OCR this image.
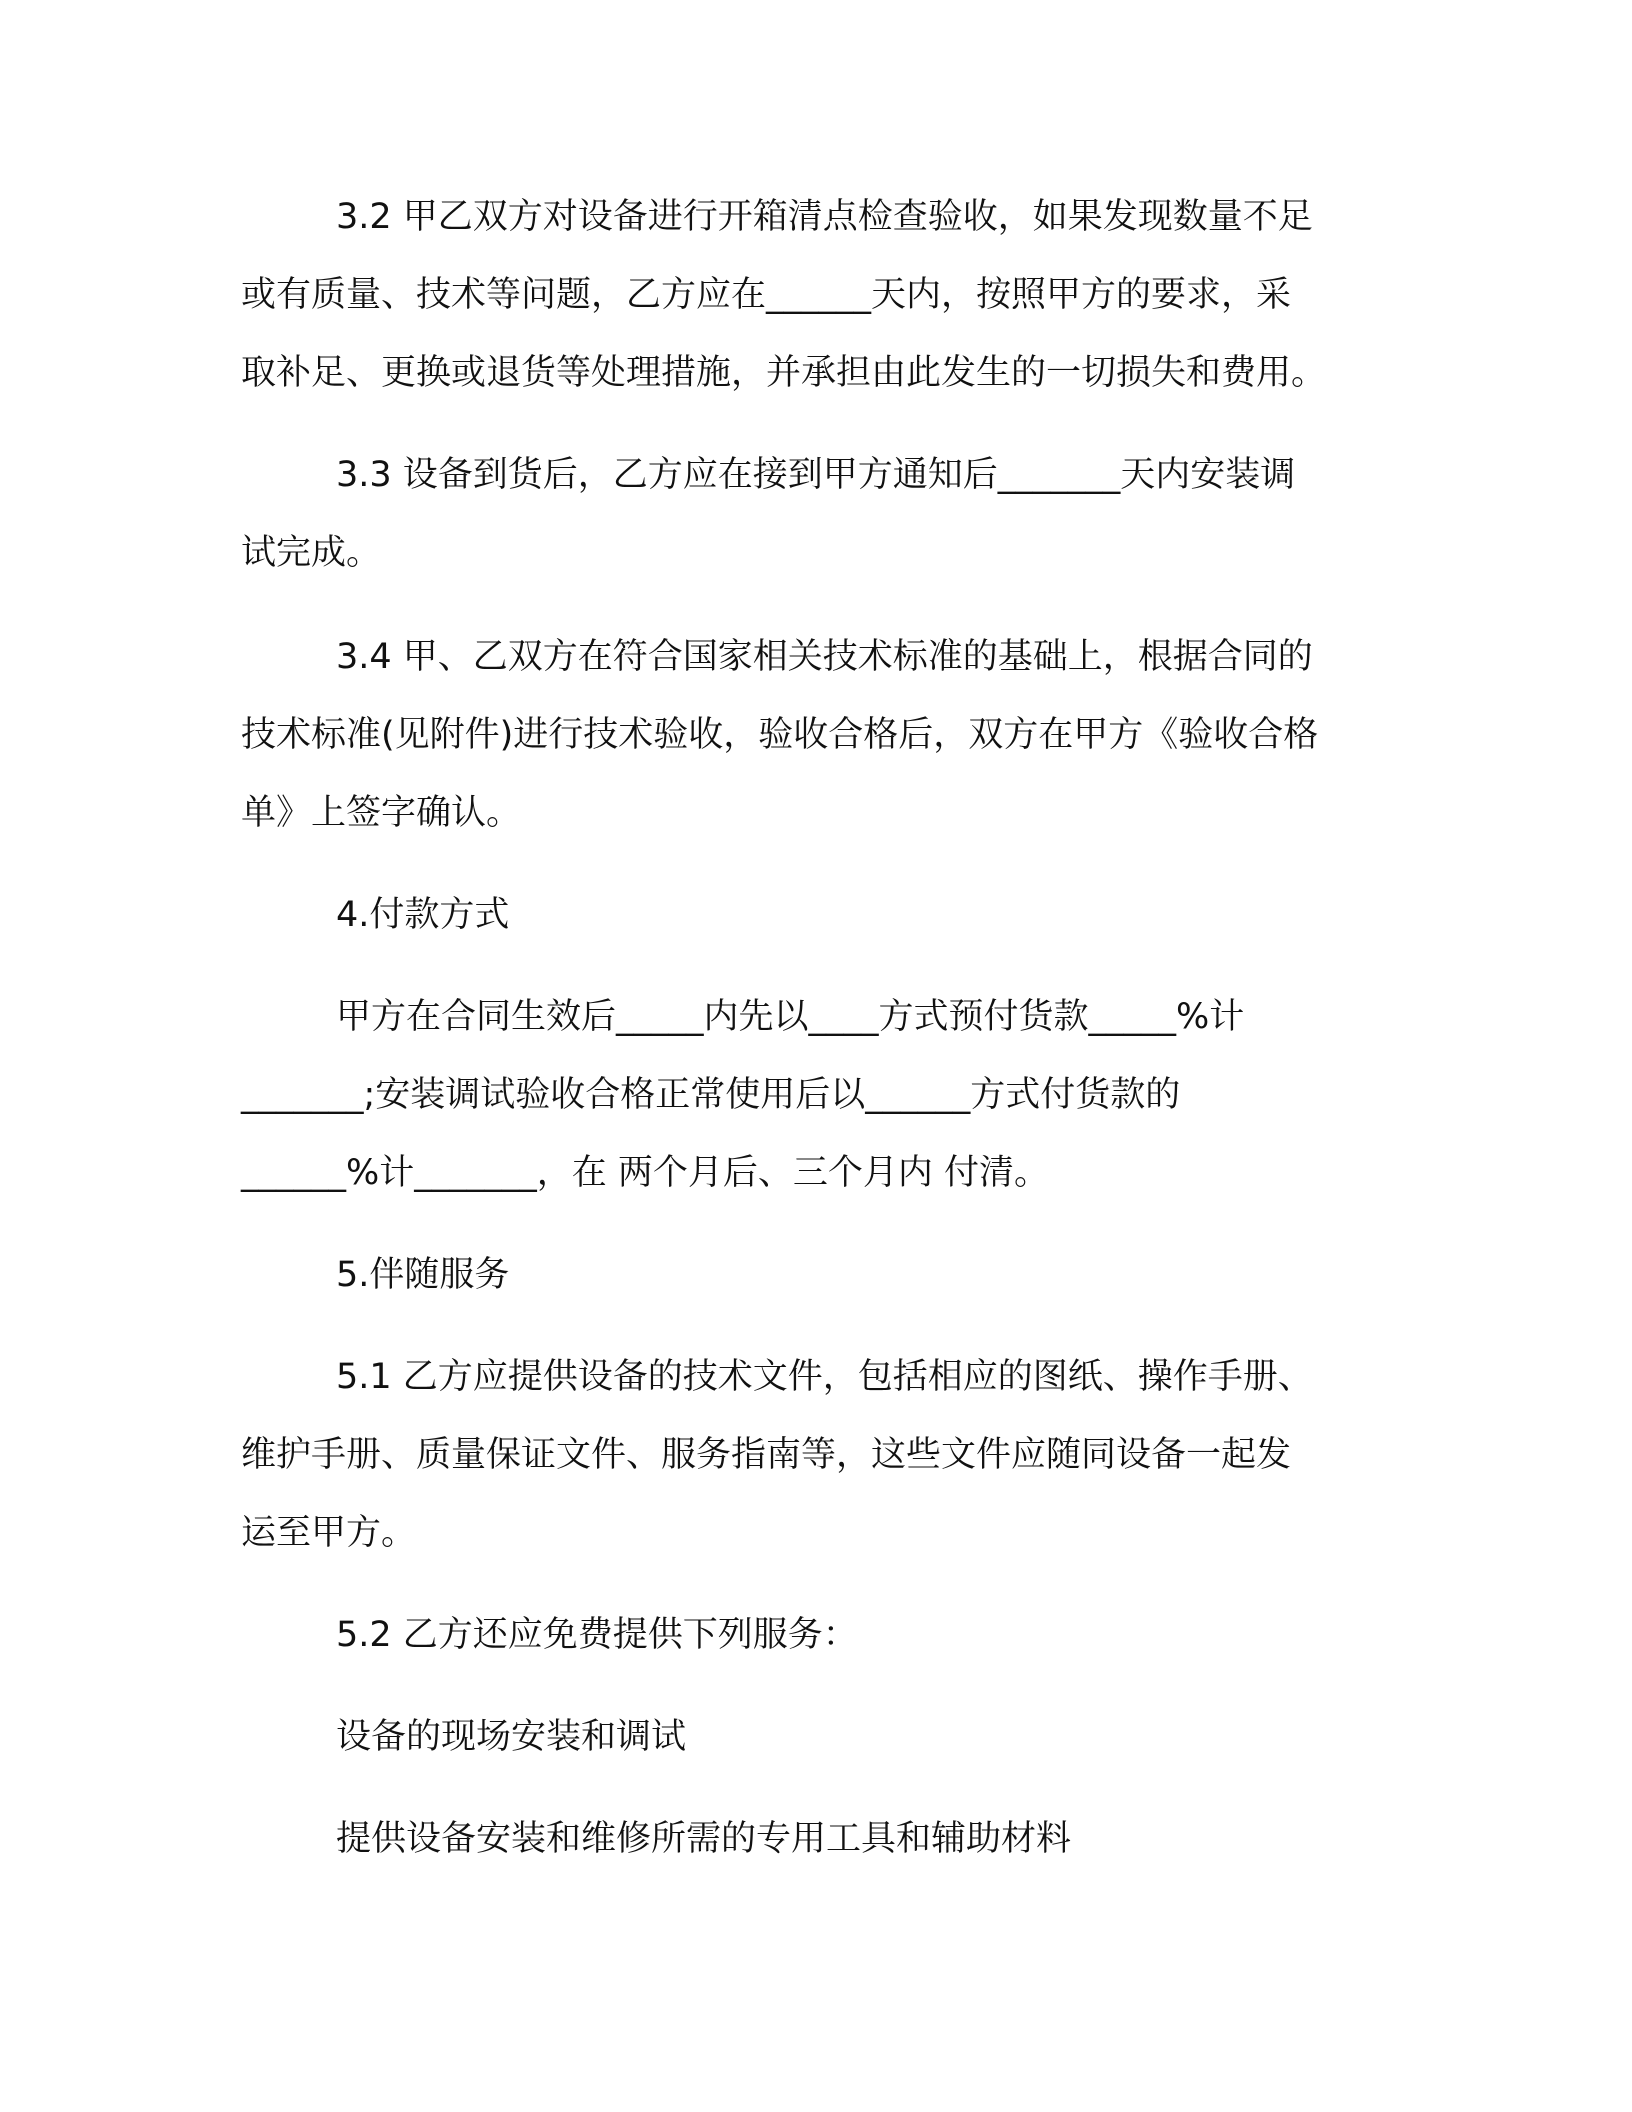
3.2 甲乙双方对设备进行开箱清点检查验收，如果发现数量不足
或有质量、技术等问题，乙方应在______天内，按照甲方的要求，采
取补足、更换或退货等处理措施，并承担由此发生的一切损失和费用。
3.3 设备到货后，乙方应在接到甲方通知后_______天内安装调
试完成。
3.4 甲、乙双方在符合国家相关技术标准的基础上，根据合同的
技术标准(见附件)进行技术验收，验收合格后，双方在甲方《验收合格
单》上签字确认。
4.付款方式
甲方在合同生效后_____内先以____方式预付货款_____%计
_______;安装调试验收合格正常使用后以______方式付货款的
______%计_______，在 两个月后、三个月内 付清。
5.伴随服务
5.1 乙方应提供设备的技术文件，包括相应的图纸、操作手册、
维护手册、质量保证文件、服务指南等，这些文件应随同设备一起发
运至甲方。
5.2 乙方还应免费提供下列服务：
设备的现场安装和调试
提供设备安装和维修所需的专用工具和辅助材料
